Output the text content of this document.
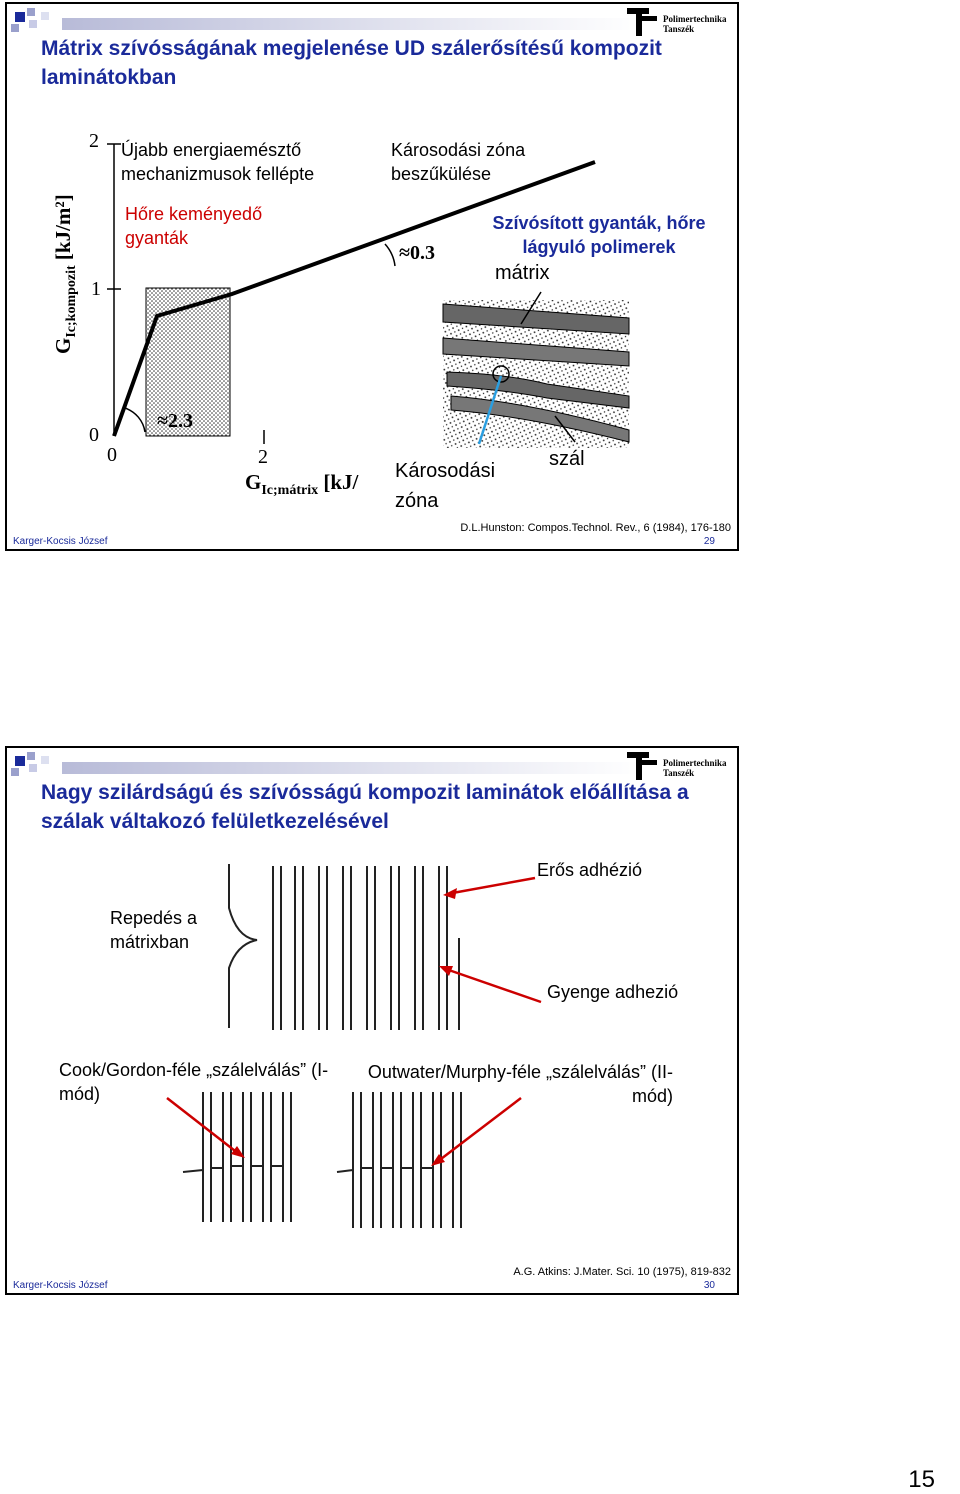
Polimertechnika
Tanszék
Mátrix szívósságának megjelenése UD szálerősítésű kompozit laminátokban
$G_{Ic;kompozit}$ [kJ/m²]
2
1
0
0	2
$G_{Ic;mátrix}$ [kJ/
Újabb energiaemésztő mechanizmusok fellépte
Károsodási zóna beszűkülése
Hőre keményedő gyanták
Szívósított gyanták, hőre lágyuló polimerek
≈0.3
≈2.3
mátrix
szál
Károsodási zóna
D.L.Hunston: Compos.Technol. Rev., 6 (1984), 176-180
Karger-Kocsis József	29
Polimertechnika
Tanszék
Nagy szilárdságú és szívósságú kompozit laminátok előállítása a szálak váltakozó felületkezelésével
Erős adhézió
Gyenge adhezió
Repedés a mátrixban
Cook/Gordon-féle „szálelválás” (I-mód)
Outwater/Murphy-féle „szálelválás” (II-mód)
A.G. Atkins: J.Mater. Sci. 10 (1975), 819-832
Karger-Kocsis József	30
15
